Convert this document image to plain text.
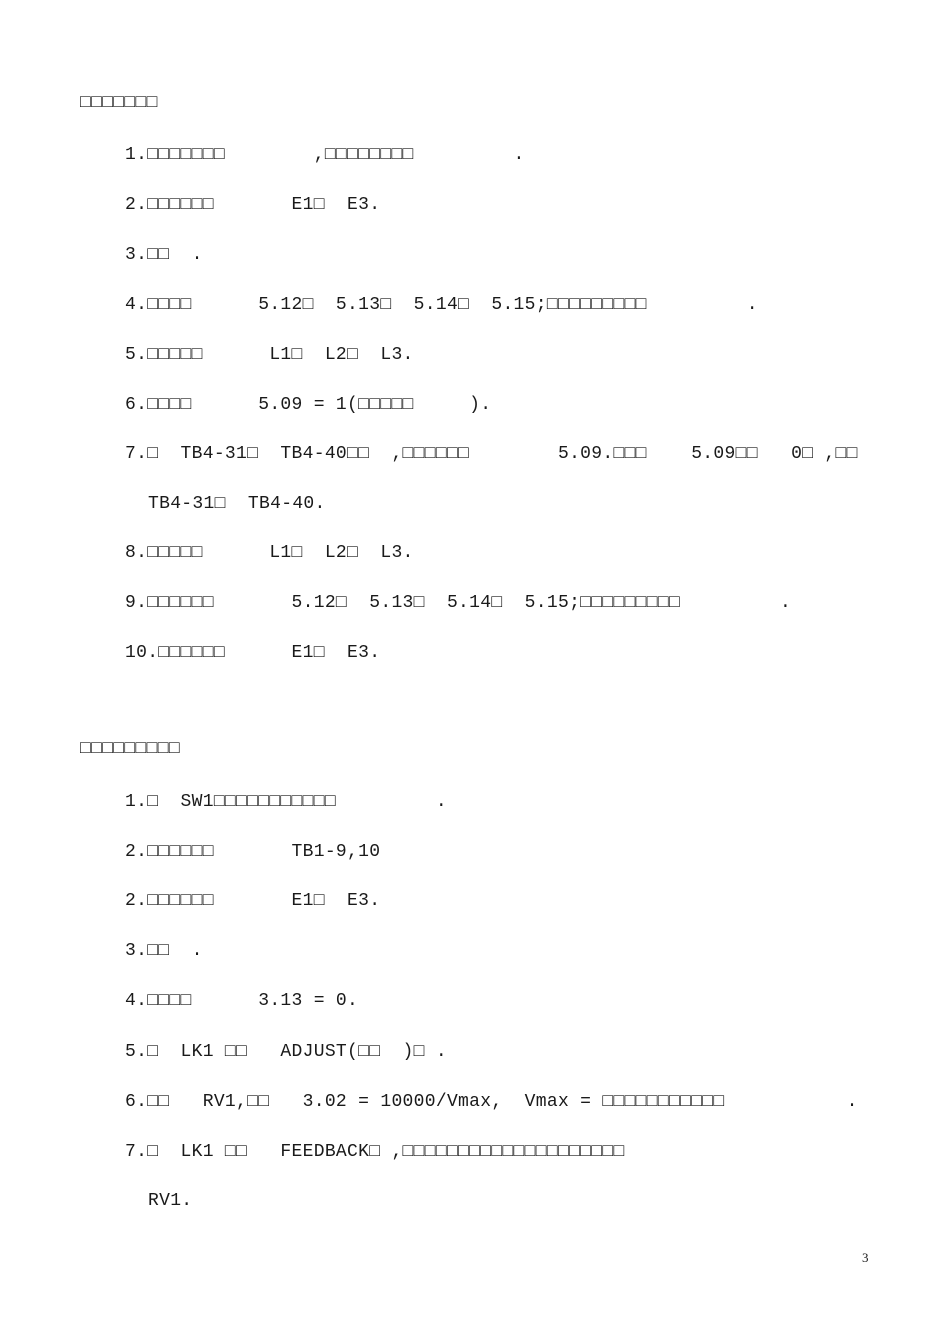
□□□□□□□
1.□□□□□□□        ,□□□□□□□□         .
2.□□□□□□       E1□  E3.
3.□□  .
4.□□□□      5.12□  5.13□  5.14□  5.15;□□□□□□□□□         .
5.□□□□□      L1□  L2□  L3.
6.□□□□      5.09 = 1(□□□□□     ).
7.□  TB4-31□  TB4-40□□  ,□□□□□□        5.09.□□□    5.09□□   0□ ,□□
TB4-31□  TB4-40.
8.□□□□□      L1□  L2□  L3.
9.□□□□□□       5.12□  5.13□  5.14□  5.15;□□□□□□□□□         .
10.□□□□□□      E1□  E3.
□□□□□□□□□
1.□  SW1□□□□□□□□□□□         .
2.□□□□□□       TB1-9,10
2.□□□□□□       E1□  E3.
3.□□  .
4.□□□□      3.13 = 0.
5.□  LK1 □□   ADJUST(□□  )□ .
6.□□   RV1,□□   3.02 = 10000/Vmax,  Vmax = □□□□□□□□□□□           .
7.□  LK1 □□   FEEDBACK□ ,□□□□□□□□□□□□□□□□□□□□
RV1.
3
